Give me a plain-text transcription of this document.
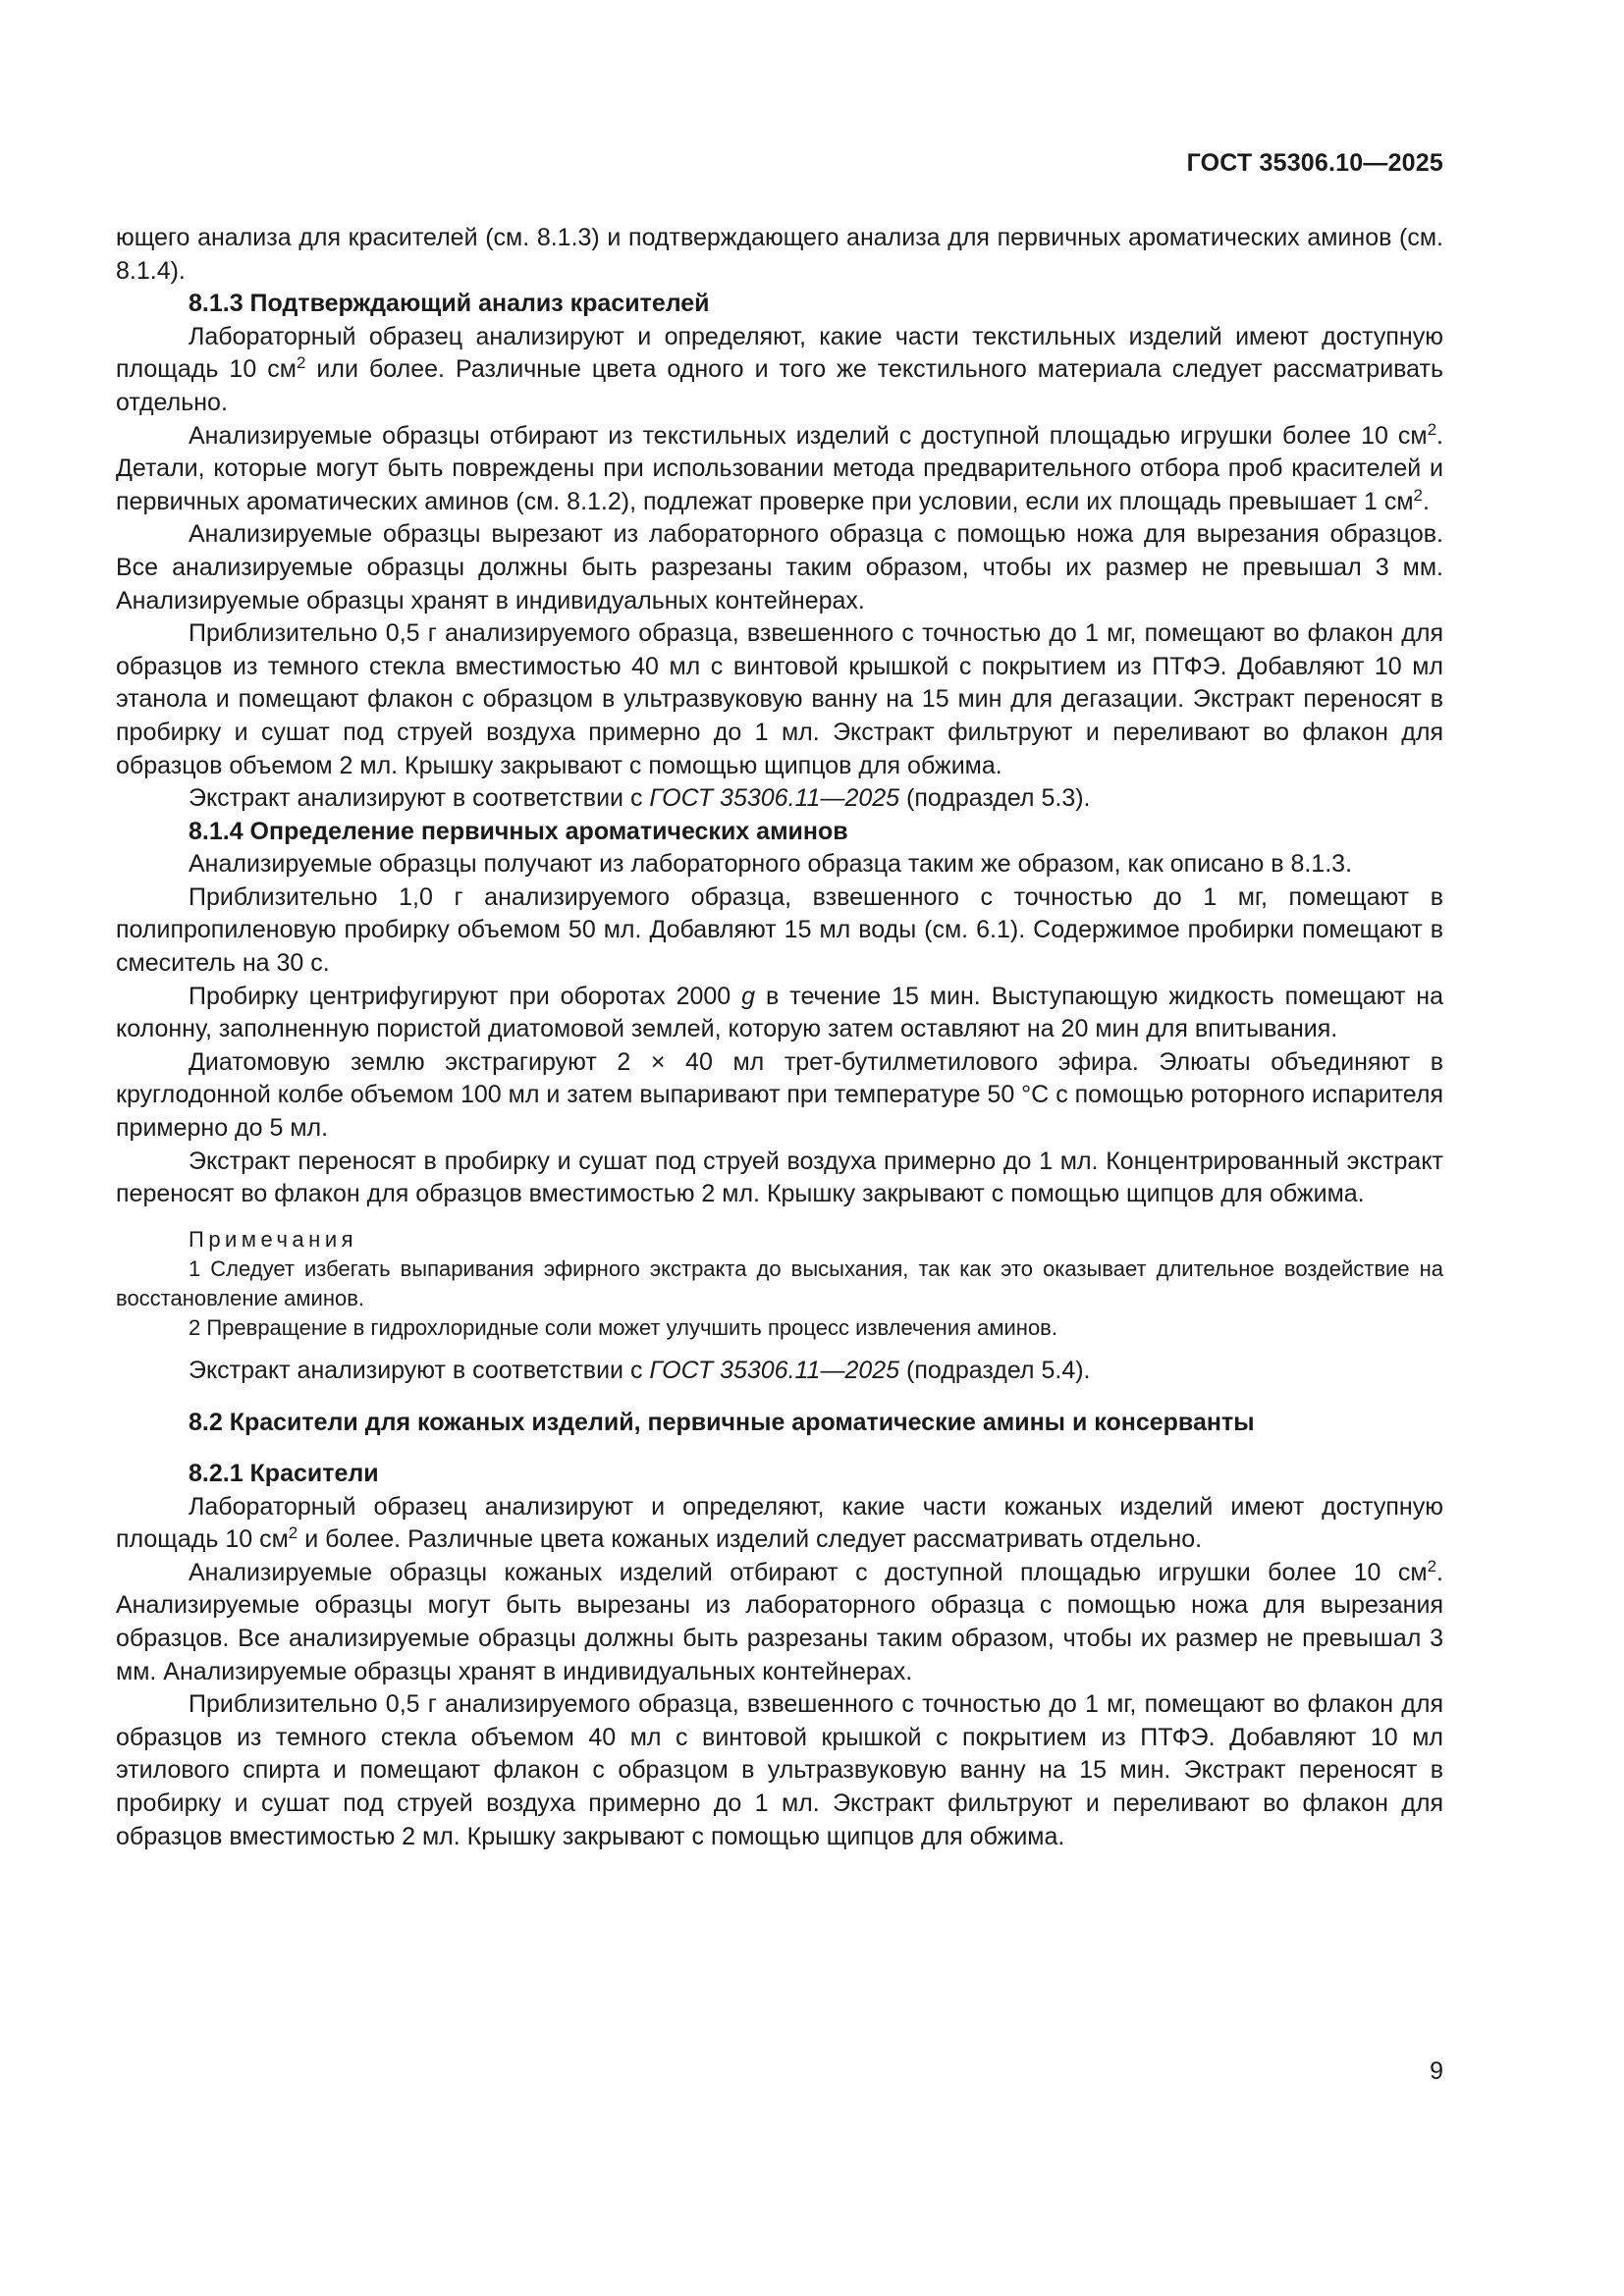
ГОСТ 35306.10—2025

ющего анализа для красителей (см. 8.1.3) и подтверждающего анализа для первичных ароматических аминов (см. 8.1.4).

8.1.3 Подтверждающий анализ красителей

Лабораторный образец анализируют и определяют, какие части текстильных изделий имеют доступную площадь 10 $см^2$ или более. Различные цвета одного и того же текстильного материала следует рассматривать отдельно.

Анализируемые образцы отбирают из текстильных изделий с доступной площадью игрушки более 10 $см^2$. Детали, которые могут быть повреждены при использовании метода предварительного отбора проб красителей и первичных ароматических аминов (см. 8.1.2), подлежат проверке при условии, если их площадь превышает 1 $см^2$.

Анализируемые образцы вырезают из лабораторного образца с помощью ножа для вырезания образцов. Все анализируемые образцы должны быть разрезаны таким образом, чтобы их размер не превышал 3 мм. Анализируемые образцы хранят в индивидуальных контейнерах.

Приблизительно 0,5 г анализируемого образца, взвешенного с точностью до 1 мг, помещают во флакон для образцов из темного стекла вместимостью 40 мл с винтовой крышкой с покрытием из ПТФЭ. Добавляют 10 мл этанола и помещают флакон с образцом в ультразвуковую ванну на 15 мин для дегазации. Экстракт переносят в пробирку и сушат под струей воздуха примерно до 1 мл. Экстракт фильтруют и переливают во флакон для образцов объемом 2 мл. Крышку закрывают с помощью щипцов для обжима.

Экстракт анализируют в соответствии с ГОСТ 35306.11—2025 (подраздел 5.3).

8.1.4 Определение первичных ароматических аминов

Анализируемые образцы получают из лабораторного образца таким же образом, как описано в 8.1.3.

Приблизительно 1,0 г анализируемого образца, взвешенного с точностью до 1 мг, помещают в полипропиленовую пробирку объемом 50 мл. Добавляют 15 мл воды (см. 6.1). Содержимое пробирки помещают в смеситель на 30 с.

Пробирку центрифугируют при оборотах 2000 g в течение 15 мин. Выступающую жидкость помещают на колонну, заполненную пористой диатомовой землей, которую затем оставляют на 20 мин для впитывания.

Диатомовую землю экстрагируют 2 × 40 мл трет-бутилметилового эфира. Элюаты объединяют в круглодонной колбе объемом 100 мл и затем выпаривают при температуре 50 °С с помощью роторного испарителя примерно до 5 мл.

Экстракт переносят в пробирку и сушат под струей воздуха примерно до 1 мл. Концентрированный экстракт переносят во флакон для образцов вместимостью 2 мл. Крышку закрывают с помощью щипцов для обжима.

Примечания

1 Следует избегать выпаривания эфирного экстракта до высыхания, так как это оказывает длительное воздействие на восстановление аминов.

2 Превращение в гидрохлоридные соли может улучшить процесс извлечения аминов.

Экстракт анализируют в соответствии с ГОСТ 35306.11—2025 (подраздел 5.4).

8.2 Красители для кожаных изделий, первичные ароматические амины и консерванты
8.2.1 Красители

Лабораторный образец анализируют и определяют, какие части кожаных изделий имеют доступную площадь 10 $см^2$ и более. Различные цвета кожаных изделий следует рассматривать отдельно.

Анализируемые образцы кожаных изделий отбирают с доступной площадью игрушки более 10 $см^2$. Анализируемые образцы могут быть вырезаны из лабораторного образца с помощью ножа для вырезания образцов. Все анализируемые образцы должны быть разрезаны таким образом, чтобы их размер не превышал 3 мм. Анализируемые образцы хранят в индивидуальных контейнерах.

Приблизительно 0,5 г анализируемого образца, взвешенного с точностью до 1 мг, помещают во флакон для образцов из темного стекла объемом 40 мл с винтовой крышкой с покрытием из ПТФЭ. Добавляют 10 мл этилового спирта и помещают флакон с образцом в ультразвуковую ванну на 15 мин. Экстракт переносят в пробирку и сушат под струей воздуха примерно до 1 мл. Экстракт фильтруют и переливают во флакон для образцов вместимостью 2 мл. Крышку закрывают с помощью щипцов для обжима.

9
